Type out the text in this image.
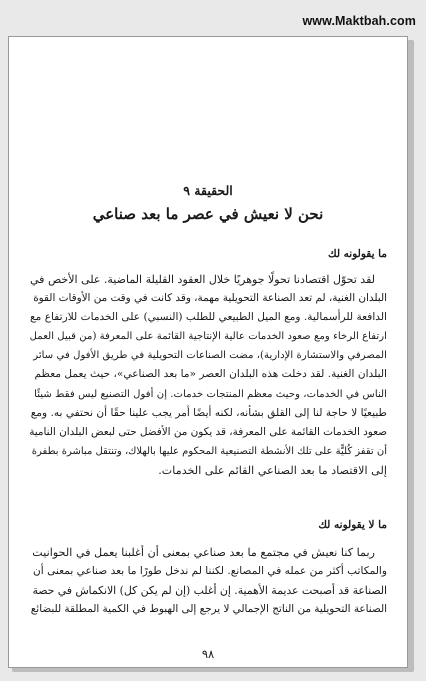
www.Maktbah.com
الحقيقة ٩
نحن لا نعيش في عصر ما بعد صناعي
ما يقولونه لك
لقد تحوّل اقتصادنا تحولًا جوهريًا خلال العقود القليلة الماضية. على الأخص في
البلدان الغنية، لم تعد الصناعة التحويلية مهمة، وقد كانت في وقت من الأوقات القوة
الدافعة للرأسمالية. ومع الميل الطبيعي للطلب (النسبي) على الخدمات للارتفاع مع
ارتفاع الرخاء ومع صعود الخدمات عالية الإنتاجية القائمة على المعرفة (من قبيل العمل
المصرفي والاستشارة الإدارية)، مضت الصناعات التحويلية في طريق الأفول في سائر
البلدان الغنية. لقد دخلت هذه البلدان العصر «ما بعد الصناعي»، حيث يعمل معظم
الناس في الخدمات، وحيث معظم المنتجات خدمات. إن أفول التصنيع ليس فقط شيئًا
طبيعيًا لا حاجة لنا إلى القلق بشأنه، لكنه أيضًا أمر يجب علينا حقًا أن نحتفي به. ومع
صعود الخدمات القائمة على المعرفة، قد يكون من الأفضل حتى لبعض البلدان النامية
أن تقفز كُليًّة على تلك الأنشطة التصنيعية المحكوم عليها بالهلاك، وتنتقل مباشرة بطفرة
إلى الاقتصاد ما بعد الصناعي القائم على الخدمات.
ما لا يقولونه لك
ربما كنا نعيش في مجتمع ما بعد صناعي بمعنى أن أغلبنا يعمل في الحوانيت
والمكاتب أكثر من عمله في المصانع. لكننا لم ندخل طورًا ما بعد صناعي بمعنى أن
الصناعة قد أصبحت عديمة الأهمية. إن أغلب (إن لم يكن كل) الانكماش في حصة
الصناعة التحويلية من الناتج الإجمالي لا يرجع إلى الهبوط في الكمية المطلقة للبضائع
٩٨
